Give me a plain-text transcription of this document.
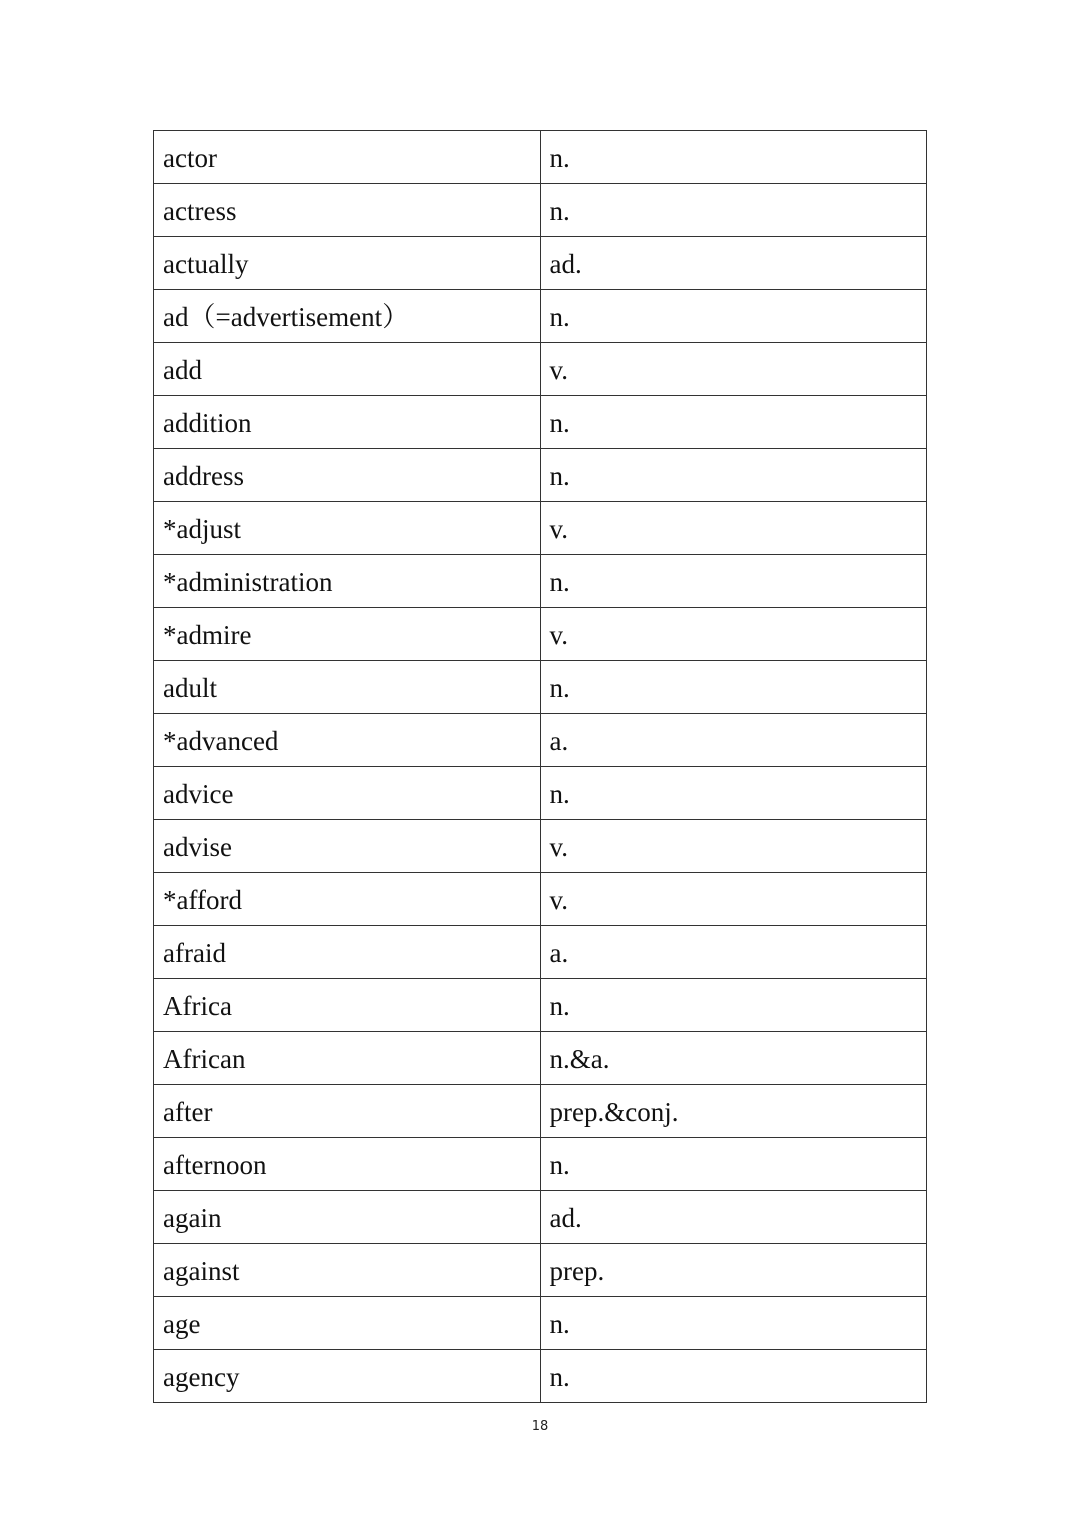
actor	n.
actress	n.
actually	ad.
ad（=advertisement）	n.
add	v.
addition	n.
address	n.
*adjust	v.
*administration	n.
*admire	v.
adult	n.
*advanced	a.
advice	n.
advise	v.
*afford	v.
afraid	a.
Africa	n.
African	n.&a.
after	prep.&conj.
afternoon	n.
again	ad.
against	prep.
age	n.
agency	n.
18
